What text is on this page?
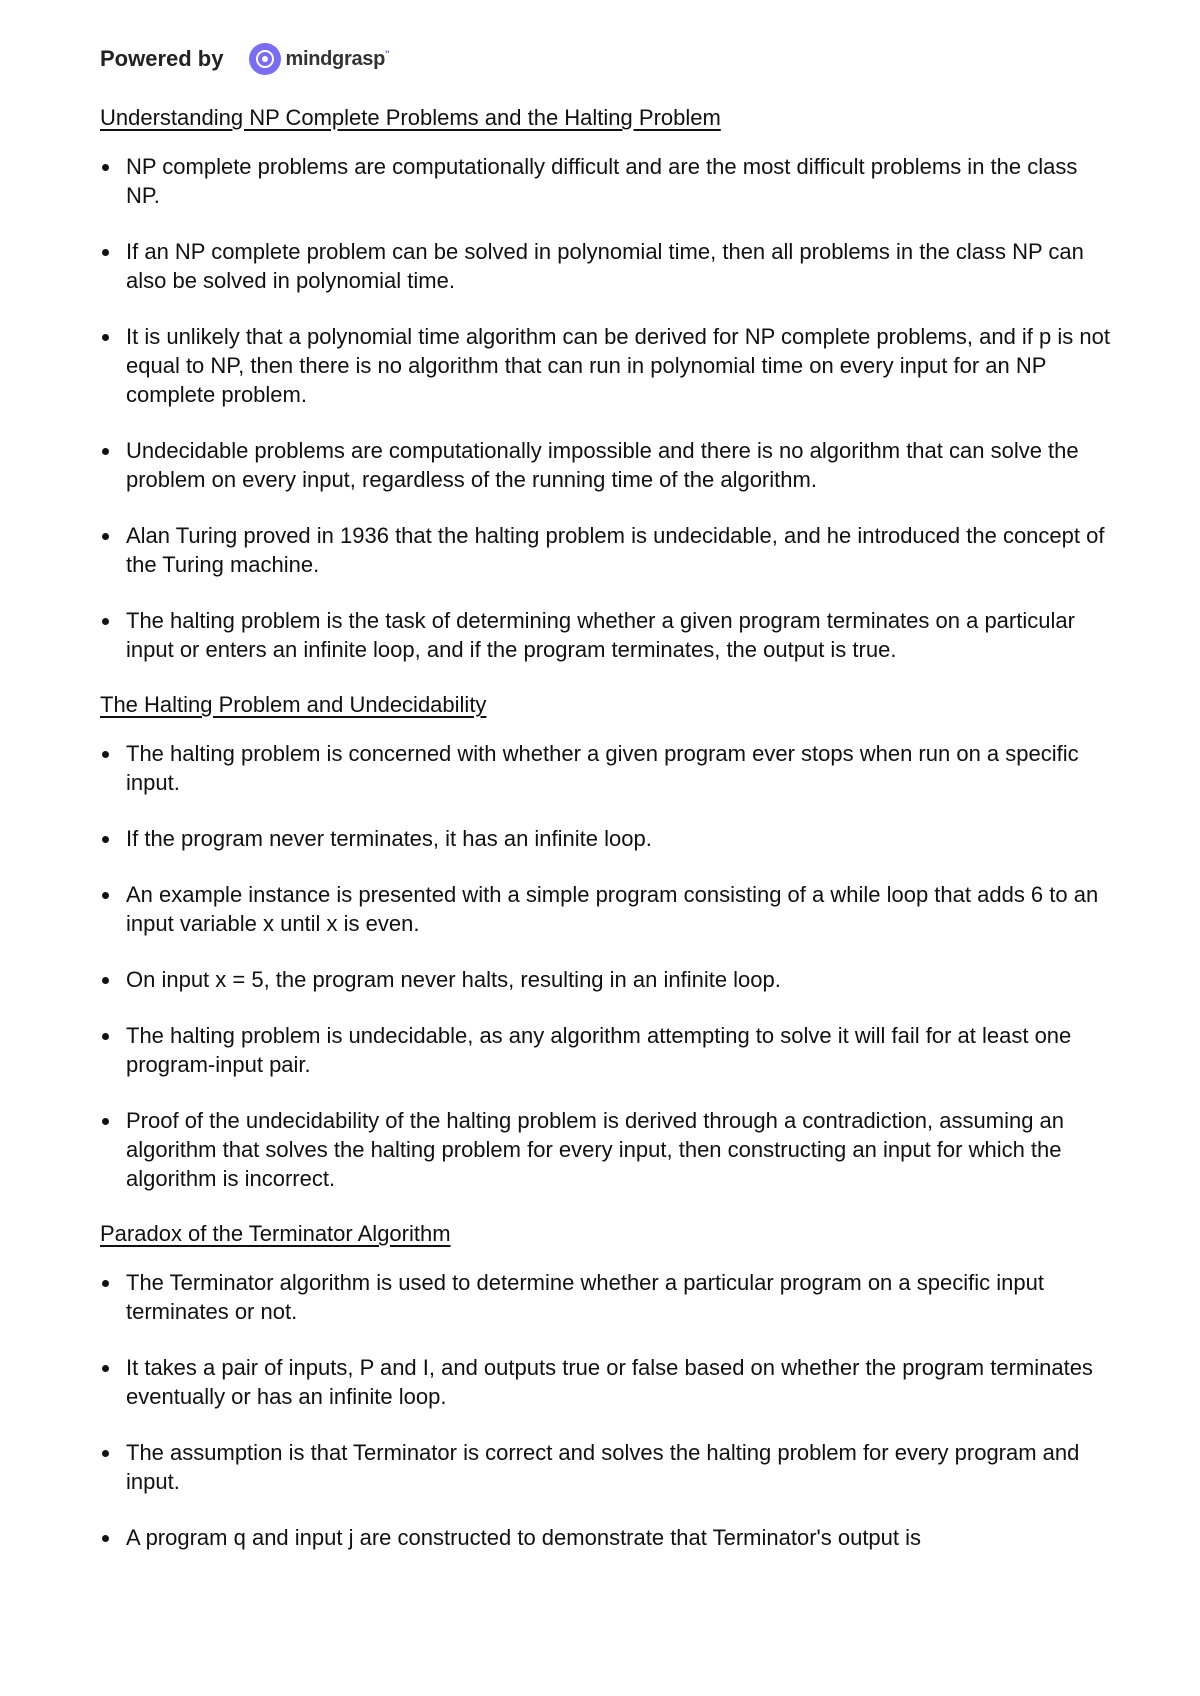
Powered by	mindgrasp"
Understanding NP Complete Problems and the Halting Problem
NP complete problems are computationally difficult and are the most difficult problems in the class NP.
If an NP complete problem can be solved in polynomial time, then all problems in the class NP can also be solved in polynomial time.
It is unlikely that a polynomial time algorithm can be derived for NP complete problems, and if p is not equal to NP, then there is no algorithm that can run in polynomial time on every input for an NP complete problem.
Undecidable problems are computationally impossible and there is no algorithm that can solve the problem on every input, regardless of the running time of the algorithm.
Alan Turing proved in 1936 that the halting problem is undecidable, and he introduced the concept of the Turing machine.
The halting problem is the task of determining whether a given program terminates on a particular input or enters an infinite loop, and if the program terminates, the output is true.
The Halting Problem and Undecidability
The halting problem is concerned with whether a given program ever stops when run on a specific input.
If the program never terminates, it has an infinite loop.
An example instance is presented with a simple program consisting of a while loop that adds 6 to an input variable x until x is even.
On input x = 5, the program never halts, resulting in an infinite loop.
The halting problem is undecidable, as any algorithm attempting to solve it will fail for at least one program-input pair.
Proof of the undecidability of the halting problem is derived through a contradiction, assuming an algorithm that solves the halting problem for every input, then constructing an input for which the algorithm is incorrect.
Paradox of the Terminator Algorithm
The Terminator algorithm is used to determine whether a particular program on a specific input terminates or not.
It takes a pair of inputs, P and I, and outputs true or false based on whether the program terminates eventually or has an infinite loop.
The assumption is that Terminator is correct and solves the halting problem for every program and input.
A program q and input j are constructed to demonstrate that Terminator's output is
